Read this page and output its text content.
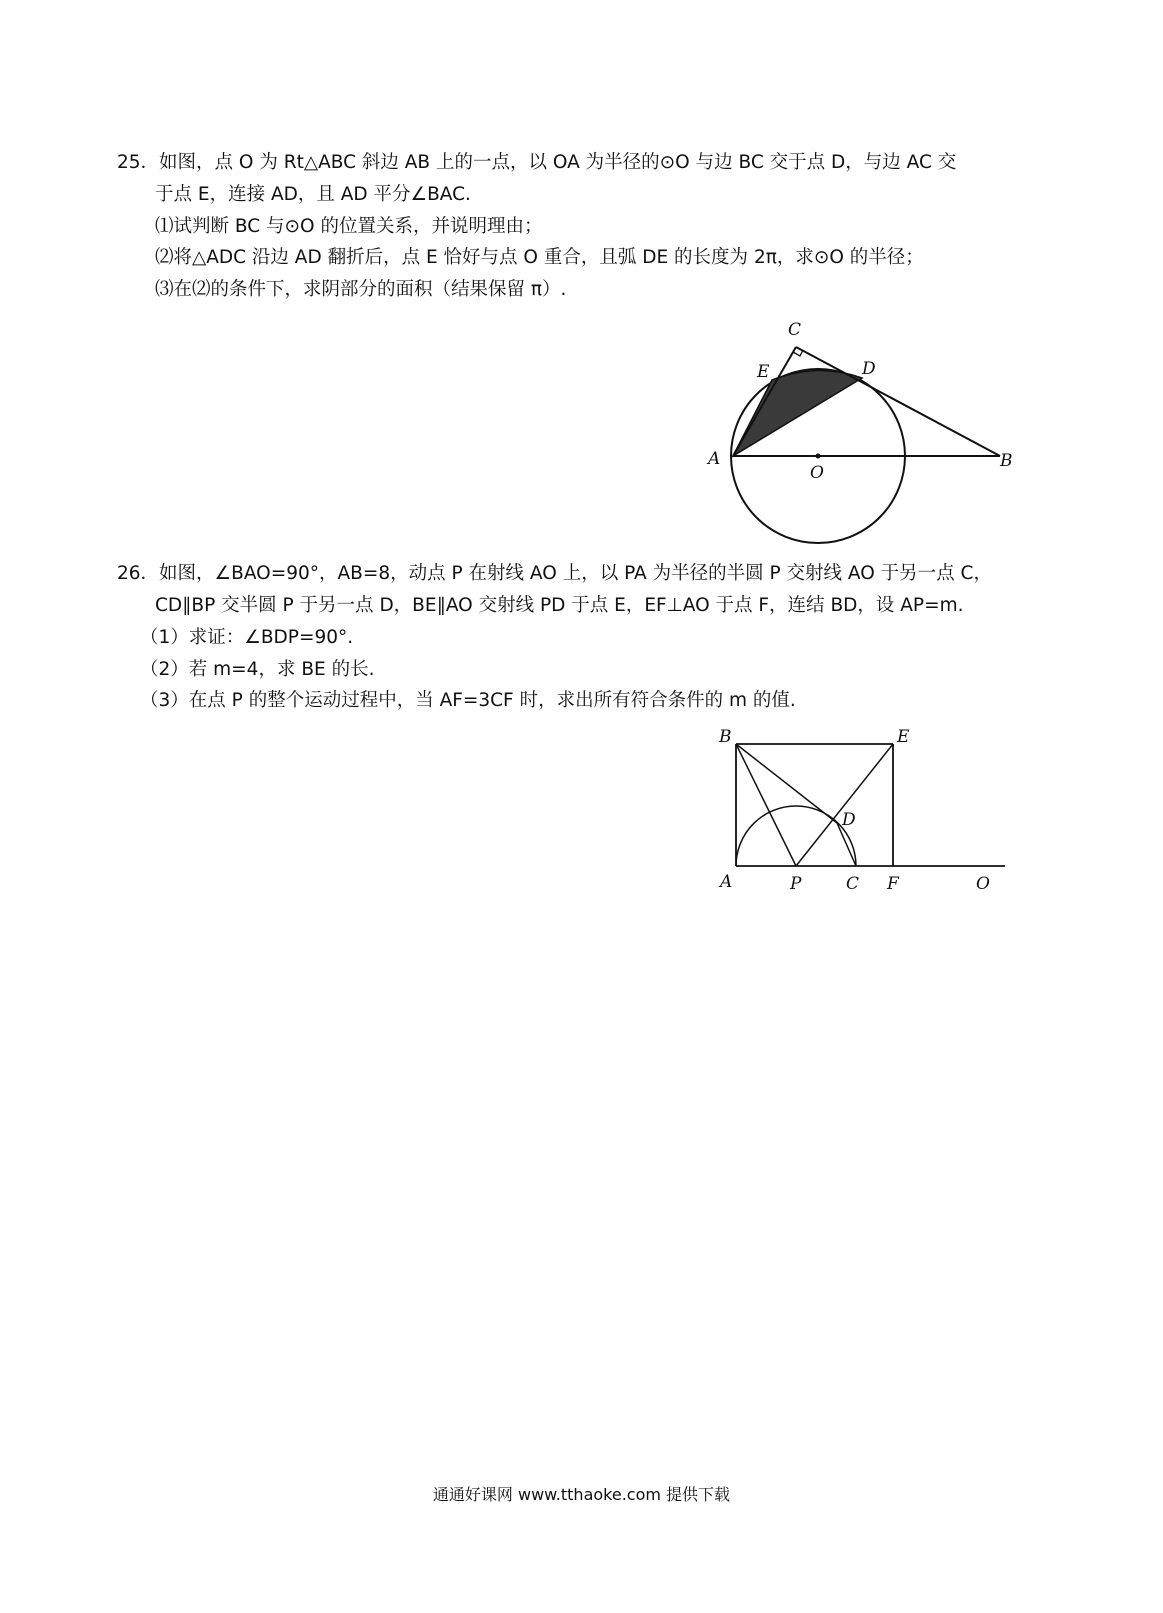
25．如图，点 O 为 Rt△ABC 斜边 AB 上的一点，以 OA 为半径的⊙O 与边 BC 交于点 D，与边 AC 交
于点 E，连接 AD，且 AD 平分∠BAC.
⑴试判断 BC 与⊙O 的位置关系，并说明理由；
⑵将△ADC 沿边 AD 翻折后，点 E 恰好与点 O 重合，且弧 DE 的长度为 2π，求⊙O 的半径；
⑶在⑵的条件下，求阴部分的面积（结果保留 π）.
C
E	D
A
O
B
26．如图，∠BAO=90°，AB=8，动点 P 在射线 AO 上，以 PA 为半径的半圆 P 交射线 AO 于另一点 C，
CD∥BP 交半圆 P 于另一点 D，BE∥AO 交射线 PD 于点 E，EF⊥AO 于点 F，连结 BD，设 AP=m.
（1）求证：∠BDP=90°.
（2）若 m=4，求 BE 的长.
（3）在点 P 的整个运动过程中，当 AF=3CF 时，求出所有符合条件的 m 的值.
B	E
D
A	P	C F	O
通通好课网 www.tthaoke.com 提供下载
